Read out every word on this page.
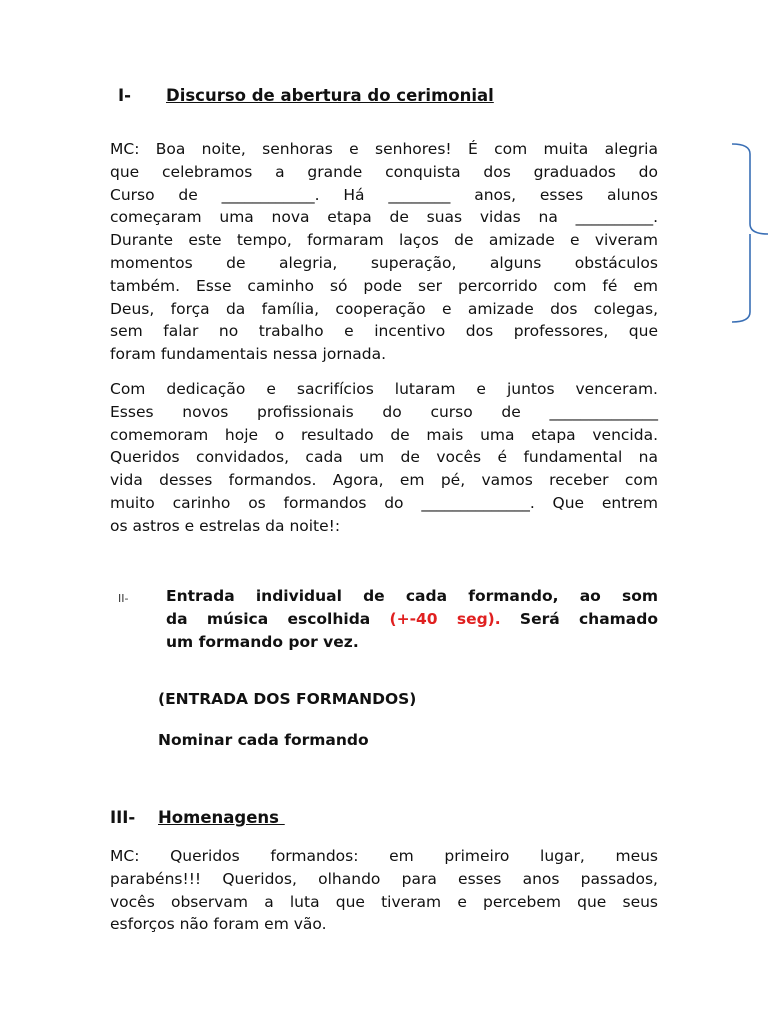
I- Discurso de abertura do cerimonial
MC: Boa noite, senhoras e senhores! É com muita alegria
que celebramos a grande conquista dos graduados do
Curso de ____________. Há ________ anos, esses alunos
começaram uma nova etapa de suas vidas na __________.
Durante este tempo, formaram laços de amizade e viveram
momentos de alegria, superação, alguns obstáculos
também. Esse caminho só pode ser percorrido com fé em
Deus, força da família, cooperação e amizade dos colegas,
sem falar no trabalho e incentivo dos professores, que
foram fundamentais nessa jornada.
Com dedicação e sacrifícios lutaram e juntos venceram.
Esses novos profissionais do curso de ______________
comemoram hoje o resultado de mais uma etapa vencida.
Queridos convidados, cada um de vocês é fundamental na
vida desses formandos. Agora, em pé, vamos receber com
muito carinho os formandos do ______________. Que entrem
os astros e estrelas da noite!:
II- Entrada individual de cada formando, ao som
da música escolhida (+-40 seg). Será chamado
um formando por vez.
(ENTRADA DOS FORMANDOS)
Nominar cada formando
III- Homenagens
MC: Queridos formandos: em primeiro lugar, meus
parabéns!!! Queridos, olhando para esses anos passados,
vocês observam a luta que tiveram e percebem que seus
esforços não foram em vão.
